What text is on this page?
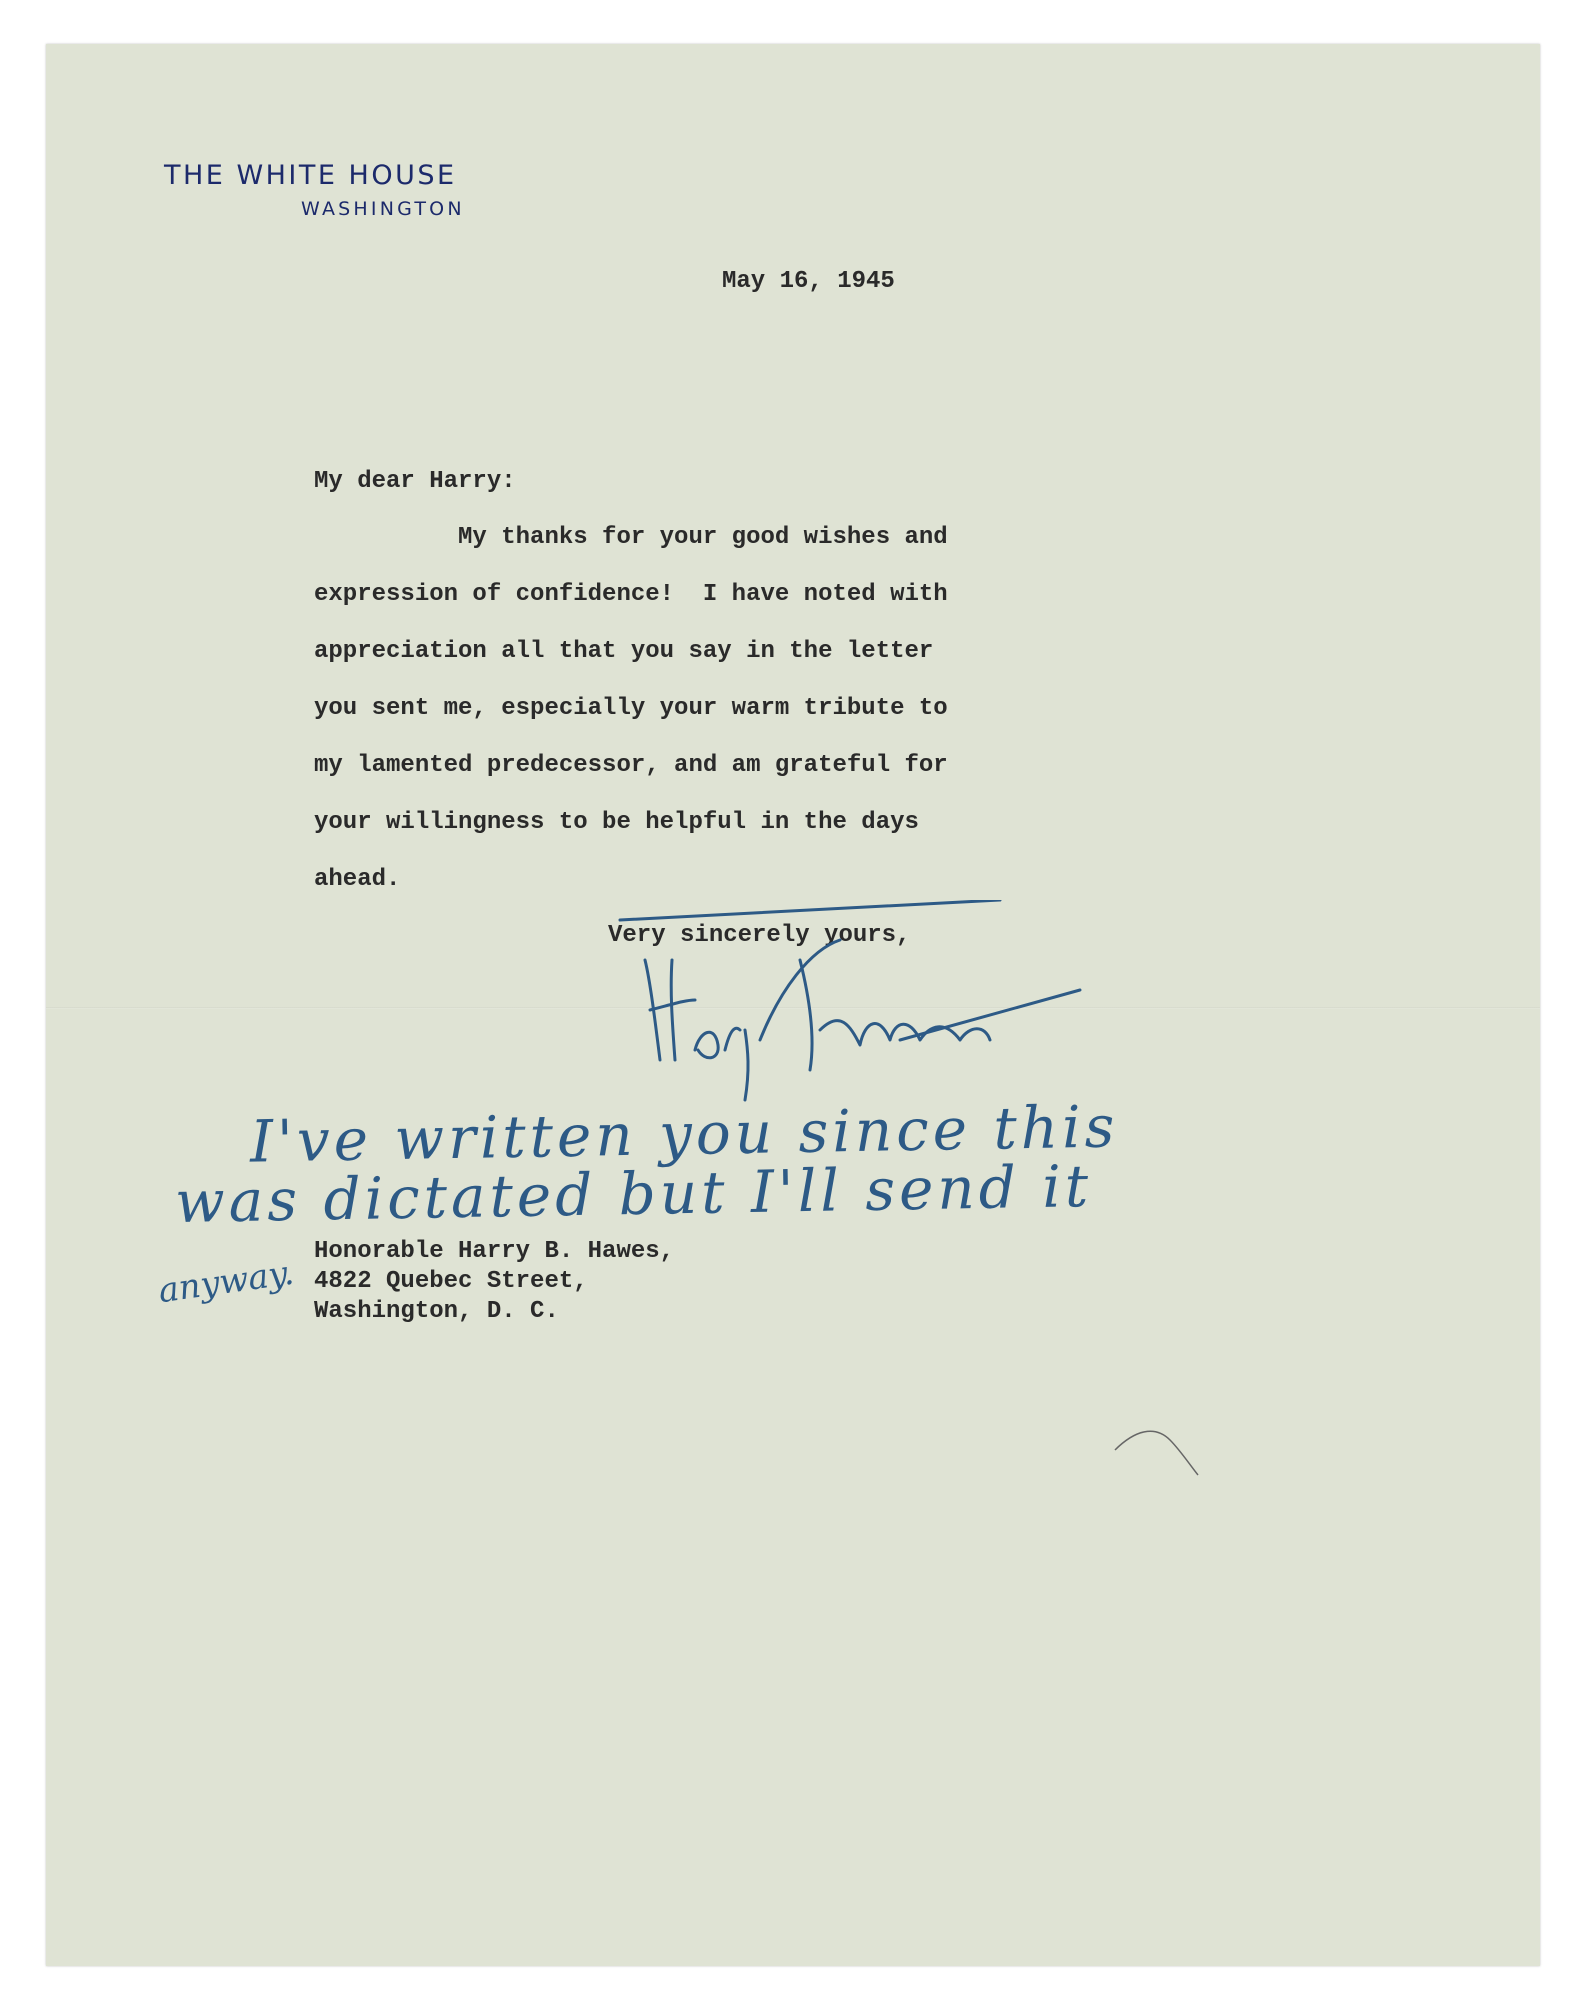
THE WHITE HOUSE
WASHINGTON
May 16, 1945
My dear Harry:
My thanks for your good wishes and
expression of confidence!  I have noted with
appreciation all that you say in the letter
you sent me, especially your warm tribute to
my lamented predecessor, and am grateful for
your willingness to be helpful in the days
ahead.
Very sincerely yours,
I've written you since this
was dictated but I'll send it
anyway.
Honorable Harry B. Hawes,
4822 Quebec Street,
Washington, D. C.
